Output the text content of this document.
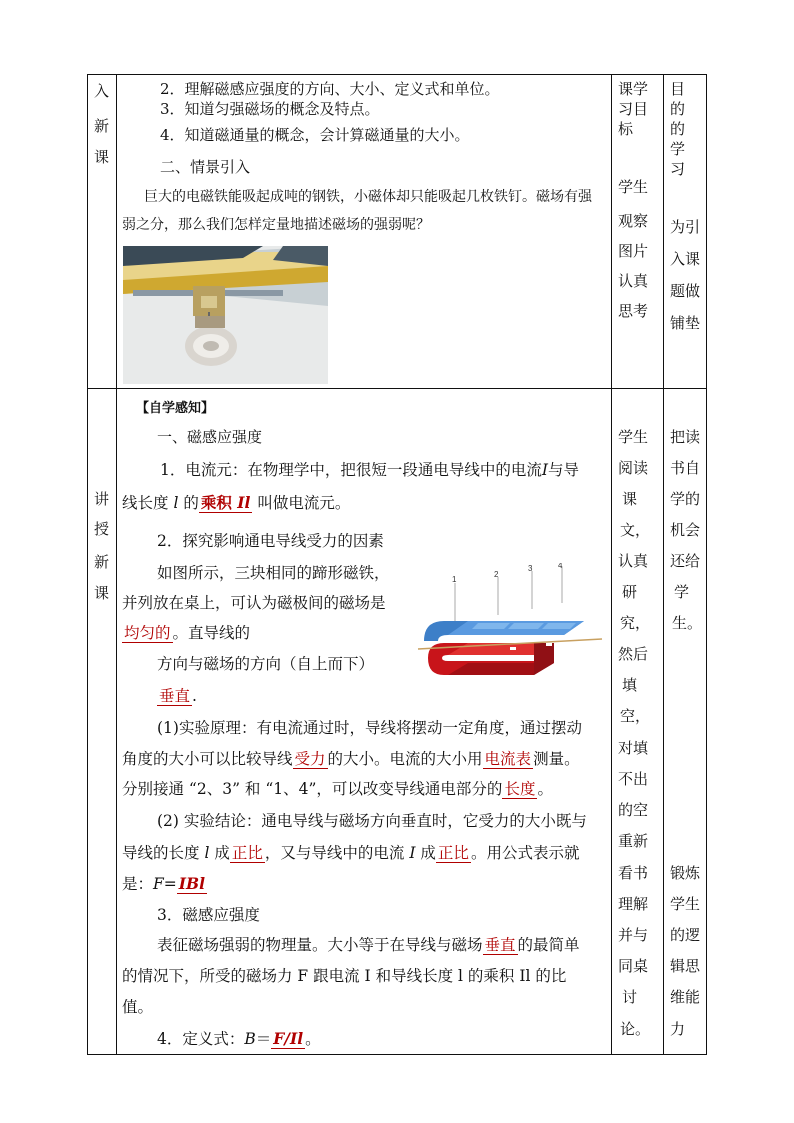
入
新
课
2．理解磁感应强度的方向、大小、定义式和单位。
3．知道匀强磁场的概念及特点。
4．知道磁通量的概念，会计算磁通量的大小。
二、情景引入
巨大的电磁铁能吸起成吨的钢铁，小磁体却只能吸起几枚铁钉。磁场有强
弱之分，那么我们怎样定量地描述磁场的强弱呢？
课学
习目
标
学生
观察
图片
认真
思考
目
的
的
学
习
为引
入课
题做
铺垫
讲
授
新
课
【自学感知】
一、磁感应强度
1．电流元：在物理学中，把很短一段通电导线中的电流I与导
线长度 l 的 乘积 Il 叫做电流元。
2．探究影响通电导线受力的因素
如图所示，三块相同的蹄形磁铁，
并列放在桌上，可认为磁极间的磁场是
均匀的 。直导线的
方向与磁场的方向（自上而下）
垂直 .
1
2
3	4
(1)实验原理：有电流通过时，导线将摆动一定角度，通过摆动
角度的大小可以比较导线 受力 的大小。电流的大小用 电流表 测量。
分别接通 “2、3” 和 “1、4”，可以改变导线通电部分的 长度 。
(2) 实验结论：通电导线与磁场方向垂直时，它受力的大小既与
导线的长度 l 成 正比 ，又与导线中的电流 I 成 正比 。用公式表示就
是：F= IBl
3．磁感应强度
表征磁场强弱的物理量。大小等于在导线与磁场 垂直 的最简单
的情况下，所受的磁场力 F 跟电流 I 和导线长度 l 的乘积 Il 的比
值。
4．定义式：B＝ F/Il 。
学生
阅读
课
文，
认真
研
究，
然后
填
空，
对填
不出
的空
重新
看书
理解
并与
同桌
讨
论。
把读
书自
学的
机会
还给
学
生。
锻炼
学生
的逻
辑思
维能
力
